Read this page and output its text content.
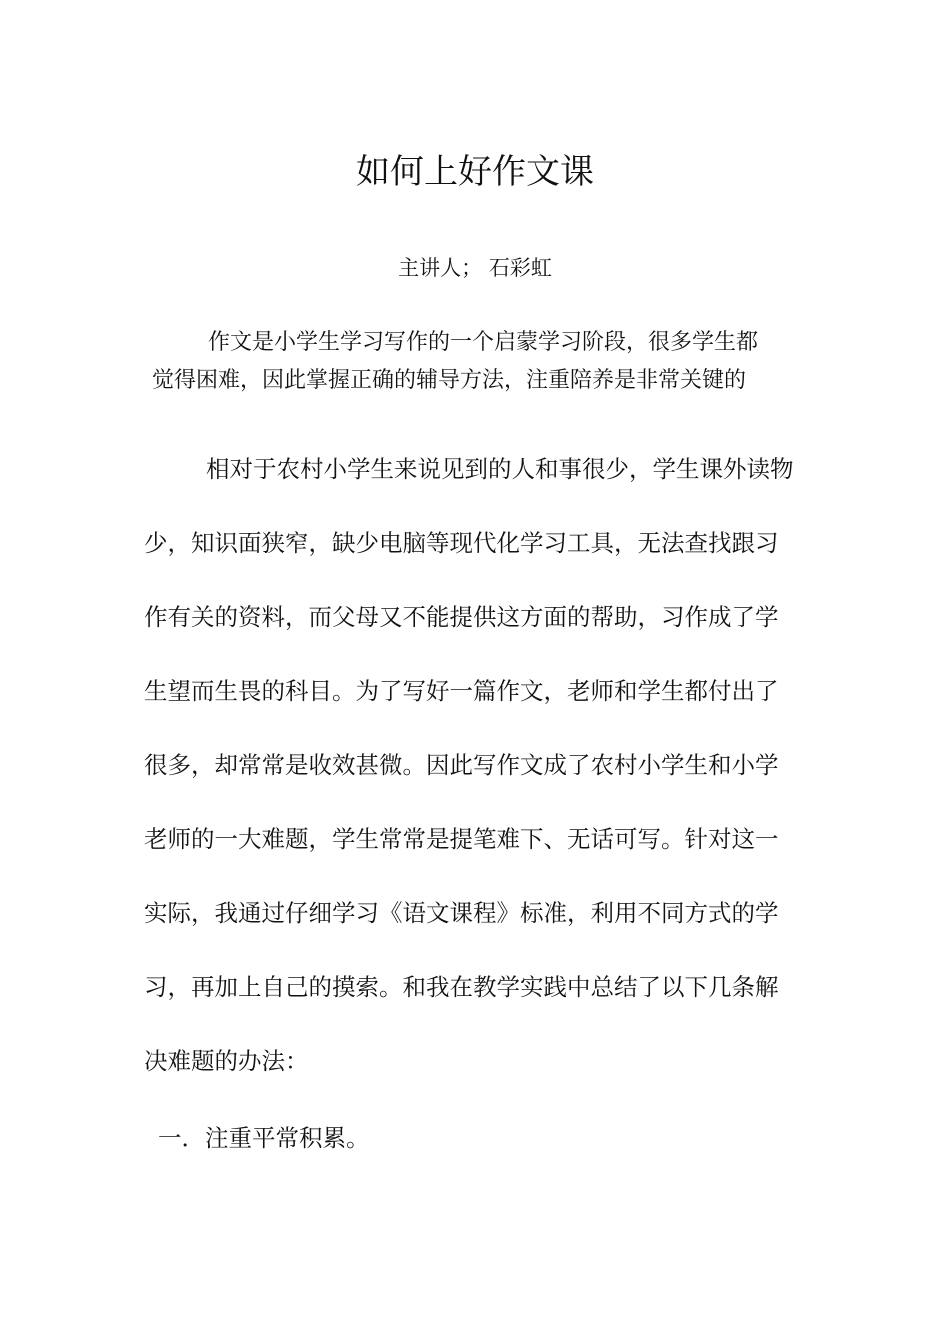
如何上好作文课
主讲人； 石彩虹
作文是小学生学习写作的一个启蒙学习阶段，很多学生都
觉得困难，因此掌握正确的辅导方法，注重陪养是非常关键的
相对于农村小学生来说见到的人和事很少，学生课外读物
少，知识面狭窄，缺少电脑等现代化学习工具，无法查找跟习
作有关的资料，而父母又不能提供这方面的帮助，习作成了学
生望而生畏的科目。为了写好一篇作文，老师和学生都付出了
很多，却常常是收效甚微。因此写作文成了农村小学生和小学
老师的一大难题，学生常常是提笔难下、无话可写。针对这一
实际，我通过仔细学习《语文课程》标准，利用不同方式的学
习，再加上自己的摸索。和我在教学实践中总结了以下几条解
决难题的办法：
一．注重平常积累。
